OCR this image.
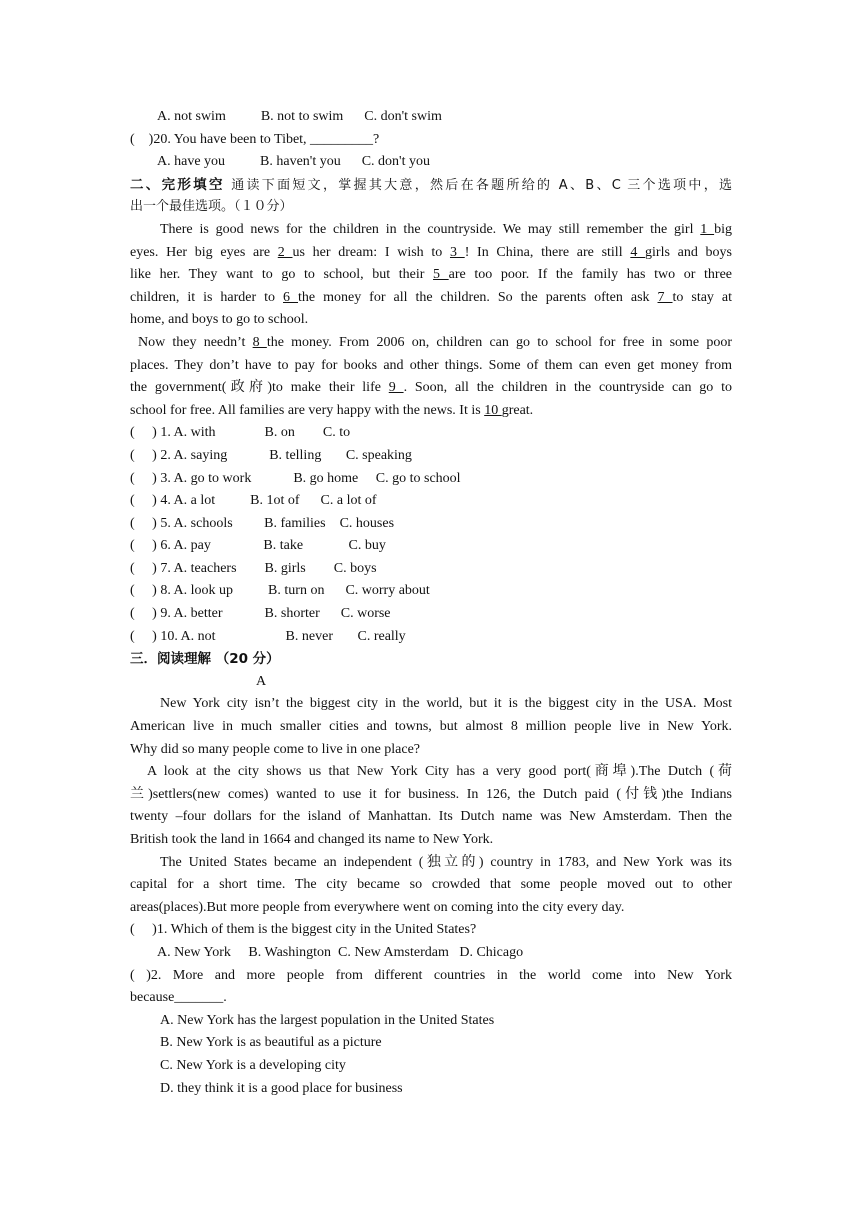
A. not swim          B. not to swim      C. don't swim
(    )20. You have been to Tibet, _________?
A. have you          B. haven't you      C. don't you
二、完形填空 通读下面短文，掌握其大意，然后在各题所给的 A、B、C 三个选项中，选
出一个最佳选项。（１０分）
There is good news for the children in the countryside. We may still remember the girl 1 big
eyes. Her big eyes are 2 us her dream: I wish to 3 ! In China, there are still 4 girls and boys
like her. They want to go to school, but their 5 are too poor. If the family has two or three
children, it is harder to 6 the money for all the children. So the parents often ask 7 to stay at
home, and boys to go to school.
Now they needn’t 8 the money. From 2006 on, children can go to school for free in some poor
places. They don’t have to pay for books and other things. Some of them can even get money from
the government(政府)to make their life 9 . Soon, all the children in the countryside can go to
school for free. All families are very happy with the news. It is 10 great.
(     ) 1. A. with              B. on        C. to
(     ) 2. A. saying            B. telling       C. speaking
(     ) 3. A. go to work            B. go home     C. go to school
(     ) 4. A. a lot          B. 1ot of      C. a lot of
(     ) 5. A. schools         B. families    C. houses
(     ) 6. A. pay               B. take             C. buy
(     ) 7. A. teachers        B. girls        C. boys
(     ) 8. A. look up          B. turn on      C. worry about
(     ) 9. A. better            B. shorter      C. worse
(     ) 10. A. not                    B. never       C. really
三．阅读理解 （20 分）
A
New York city isn’t the biggest city in the world, but it is the biggest city in the USA. Most
American live in much smaller cities and towns, but almost 8 million people live in New York.
Why did so many people come to live in one place?
A look at the city shows us that New York City has a very good port(商埠).The Dutch (荷
兰)settlers(new comes) wanted to use it for business. In 126, the Dutch paid (付钱)the Indians
twenty –four dollars for the island of Manhattan. Its Dutch name was New Amsterdam. Then the
British took the land in 1664 and changed its name to New York.
The United States became an independent (独立的) country in 1783, and New York was its
capital for a short time. The city became so crowded that some people moved out to other
areas(places).But more people from everywhere went on coming into the city every day.
(     )1. Which of them is the biggest city in the United States?
A. New York     B. Washington  C. New Amsterdam   D. Chicago
( )2. More and more people from different countries in the world come into New York
because_______.
A. New York has the largest population in the United States
B. New York is as beautiful as a picture
C. New York is a developing city
D. they think it is a good place for business
